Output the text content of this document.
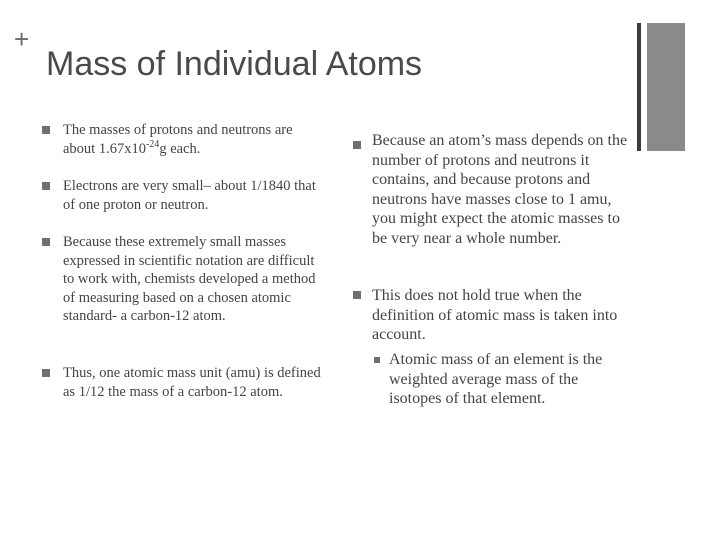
+
Mass of Individual Atoms

The masses of protons and neutrons are about $1.67x10^{-24}g$ each.

Electrons are very small– about 1/1840 that of one proton or neutron.

Because these extremely small masses expressed in scientific notation are difficult to work with, chemists developed a method of measuring based on a chosen atomic standard- a carbon-12 atom.

Thus, one atomic mass unit (amu) is defined as 1/12 the mass of a carbon-12 atom.

Because an atom’s mass depends on the number of protons and neutrons it contains, and because protons and neutrons have masses close to 1 amu, you might expect the atomic masses to be very near a whole number.

This does not hold true when the definition of atomic mass is taken into account.

Atomic mass of an element is the weighted average mass of the isotopes of that element.
